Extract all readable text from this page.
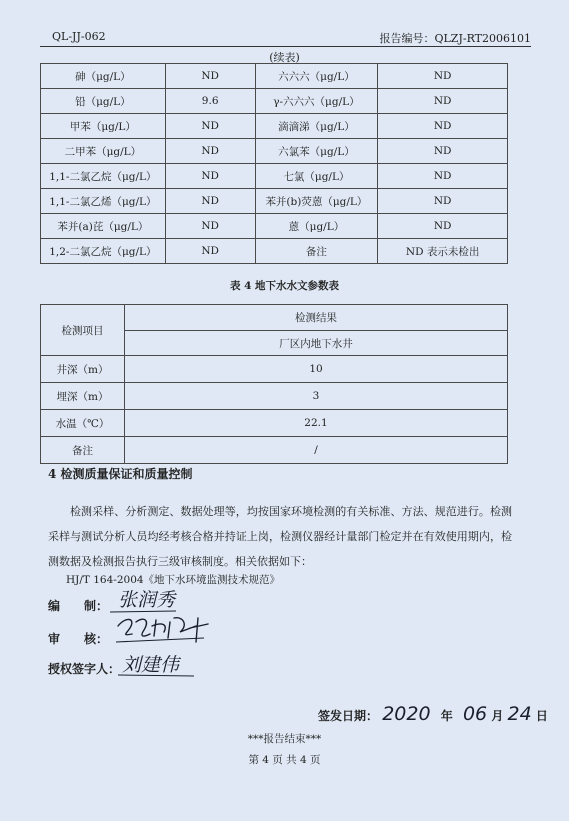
QL-JJ-062	报告编号：QLZJ-RT2006101
(续表)
砷（μg/L）	ND	六六六（μg/L）	ND
铅（μg/L）	9.6	γ-六六六（μg/L）	ND
甲苯（μg/L）	ND	滴滴涕（μg/L）	ND
二甲苯（μg/L）	ND	六氯苯（μg/L）	ND
1,1-二氯乙烷（μg/L）	ND	七氯（μg/L）	ND
1,1-二氯乙烯（μg/L）	ND	苯并(b)荧蒽（μg/L）	ND
苯并(a)芘（μg/L）	ND	蒽（μg/L）	ND
1,2-二氯乙烷（μg/L）	ND	备注	ND 表示未检出
表 4 地下水水文参数表
检测项目	检测结果
	厂区内地下水井
井深（m）	10
埋深（m）	3
水温（℃）	22.1
备注	/
4 检测质量保证和质量控制
检测采样、分析测定、数据处理等，均按国家环境检测的有关标准、方法、规范进行。检测采样与测试分析人员均经考核合格并持证上岗，检测仪器经计量部门检定并在有效使用期内，检测数据及检测报告执行三级审核制度。相关依据如下：
HJ/T 164-2004《地下水环境监测技术规范》
编　　制： 张润秀
审　　核：
授权签字人： 刘建伟
签发日期： 2020 年 06 月 24 日
***报告结束***
第 4 页 共 4 页
